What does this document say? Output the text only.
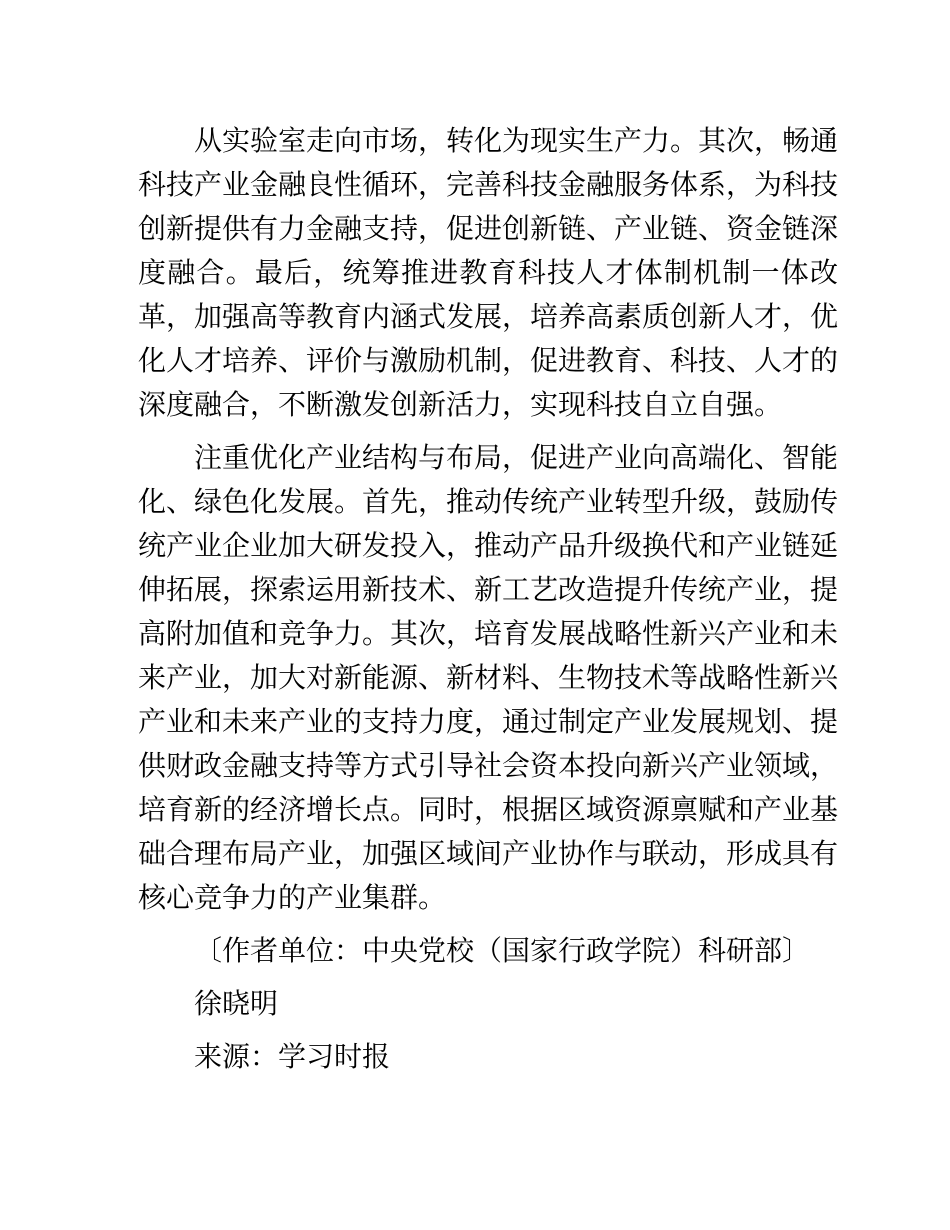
从实验室走向市场，转化为现实生产力。其次，畅通科技产业金融良性循环，完善科技金融服务体系，为科技创新提供有力金融支持，促进创新链、产业链、资金链深度融合。最后，统筹推进教育科技人才体制机制一体改革，加强高等教育内涵式发展，培养高素质创新人才，优化人才培养、评价与激励机制，促进教育、科技、人才的深度融合，不断激发创新活力，实现科技自立自强。

注重优化产业结构与布局，促进产业向高端化、智能化、绿色化发展。首先，推动传统产业转型升级，鼓励传统产业企业加大研发投入，推动产品升级换代和产业链延伸拓展，探索运用新技术、新工艺改造提升传统产业，提高附加值和竞争力。其次，培育发展战略性新兴产业和未来产业，加大对新能源、新材料、生物技术等战略性新兴产业和未来产业的支持力度，通过制定产业发展规划、提供财政金融支持等方式引导社会资本投向新兴产业领域，培育新的经济增长点。同时，根据区域资源禀赋和产业基础合理布局产业，加强区域间产业协作与联动，形成具有核心竞争力的产业集群。

〔作者单位：中央党校（国家行政学院）科研部〕

徐晓明

来源：学习时报
